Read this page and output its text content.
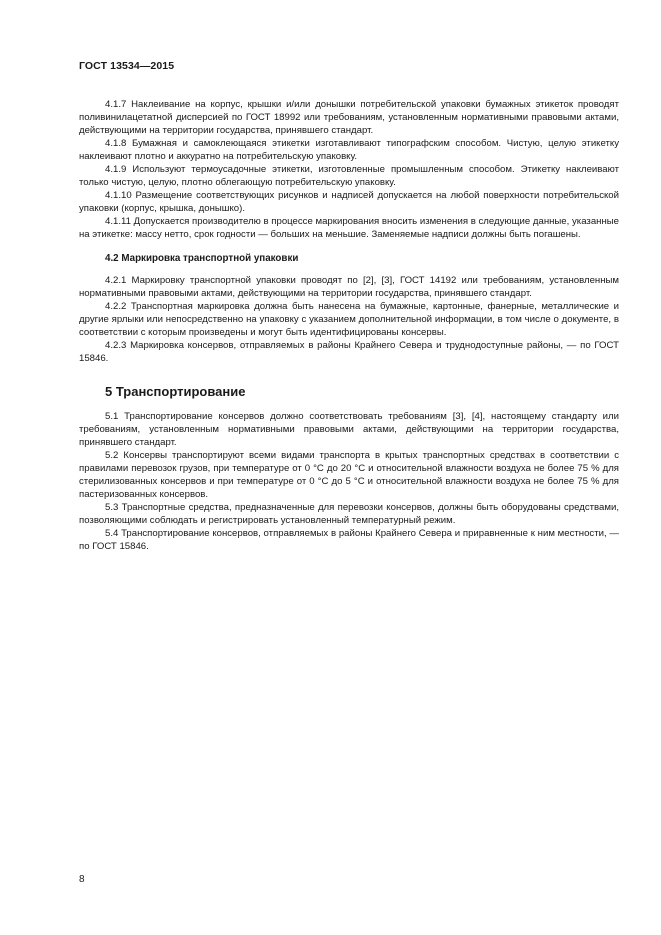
ГОСТ 13534—2015

4.1.7 Наклеивание на корпус, крышки и/или донышки потребительской упаковки бумажных этикеток проводят поливинилацетатной дисперсией по ГОСТ 18992 или требованиям, установленным нормативными правовыми актами, действующими на территории государства, принявшего стандарт.

4.1.8 Бумажная и самоклеющаяся этикетки изготавливают типографским способом. Чистую, целую этикетку наклеивают плотно и аккуратно на потребительскую упаковку.

4.1.9 Используют термоусадочные этикетки, изготовленные промышленным способом. Этикетку наклеивают только чистую, целую, плотно облегающую потребительскую упаковку.

4.1.10 Размещение соответствующих рисунков и надписей допускается на любой поверхности потребительской упаковки (корпус, крышка, донышко).

4.1.11 Допускается производителю в процессе маркирования вносить изменения в следующие данные, указанные на этикетке: массу нетто, срок годности — больших на меньшие. Заменяемые надписи должны быть погашены.

4.2 Маркировка транспортной упаковки

4.2.1 Маркировку транспортной упаковки проводят по [2], [3], ГОСТ 14192 или требованиям, установленным нормативными правовыми актами, действующими на территории государства, принявшего стандарт.

4.2.2 Транспортная маркировка должна быть нанесена на бумажные, картонные, фанерные, металлические и другие ярлыки или непосредственно на упаковку с указанием дополнительной информации, в том числе о документе, в соответствии с которым произведены и могут быть идентифицированы консервы.

4.2.3 Маркировка консервов, отправляемых в районы Крайнего Севера и труднодоступные районы, — по ГОСТ 15846.

5 Транспортирование

5.1 Транспортирование консервов должно соответствовать требованиям [3], [4], настоящему стандарту или требованиям, установленным нормативными правовыми актами, действующими на территории государства, принявшего стандарт.

5.2 Консервы транспортируют всеми видами транспорта в крытых транспортных средствах в соответствии с правилами перевозок грузов, при температуре от 0 °С до 20 °С и относительной влажности воздуха не более 75 % для стерилизованных консервов и при температуре от 0 °С до 5 °С и относительной влажности воздуха не более 75 % для пастеризованных консервов.

5.3 Транспортные средства, предназначенные для перевозки консервов, должны быть оборудованы средствами, позволяющими соблюдать и регистрировать установленный температурный режим.

5.4 Транспортирование консервов, отправляемых в районы Крайнего Севера и приравненные к ним местности, — по ГОСТ 15846.

8
